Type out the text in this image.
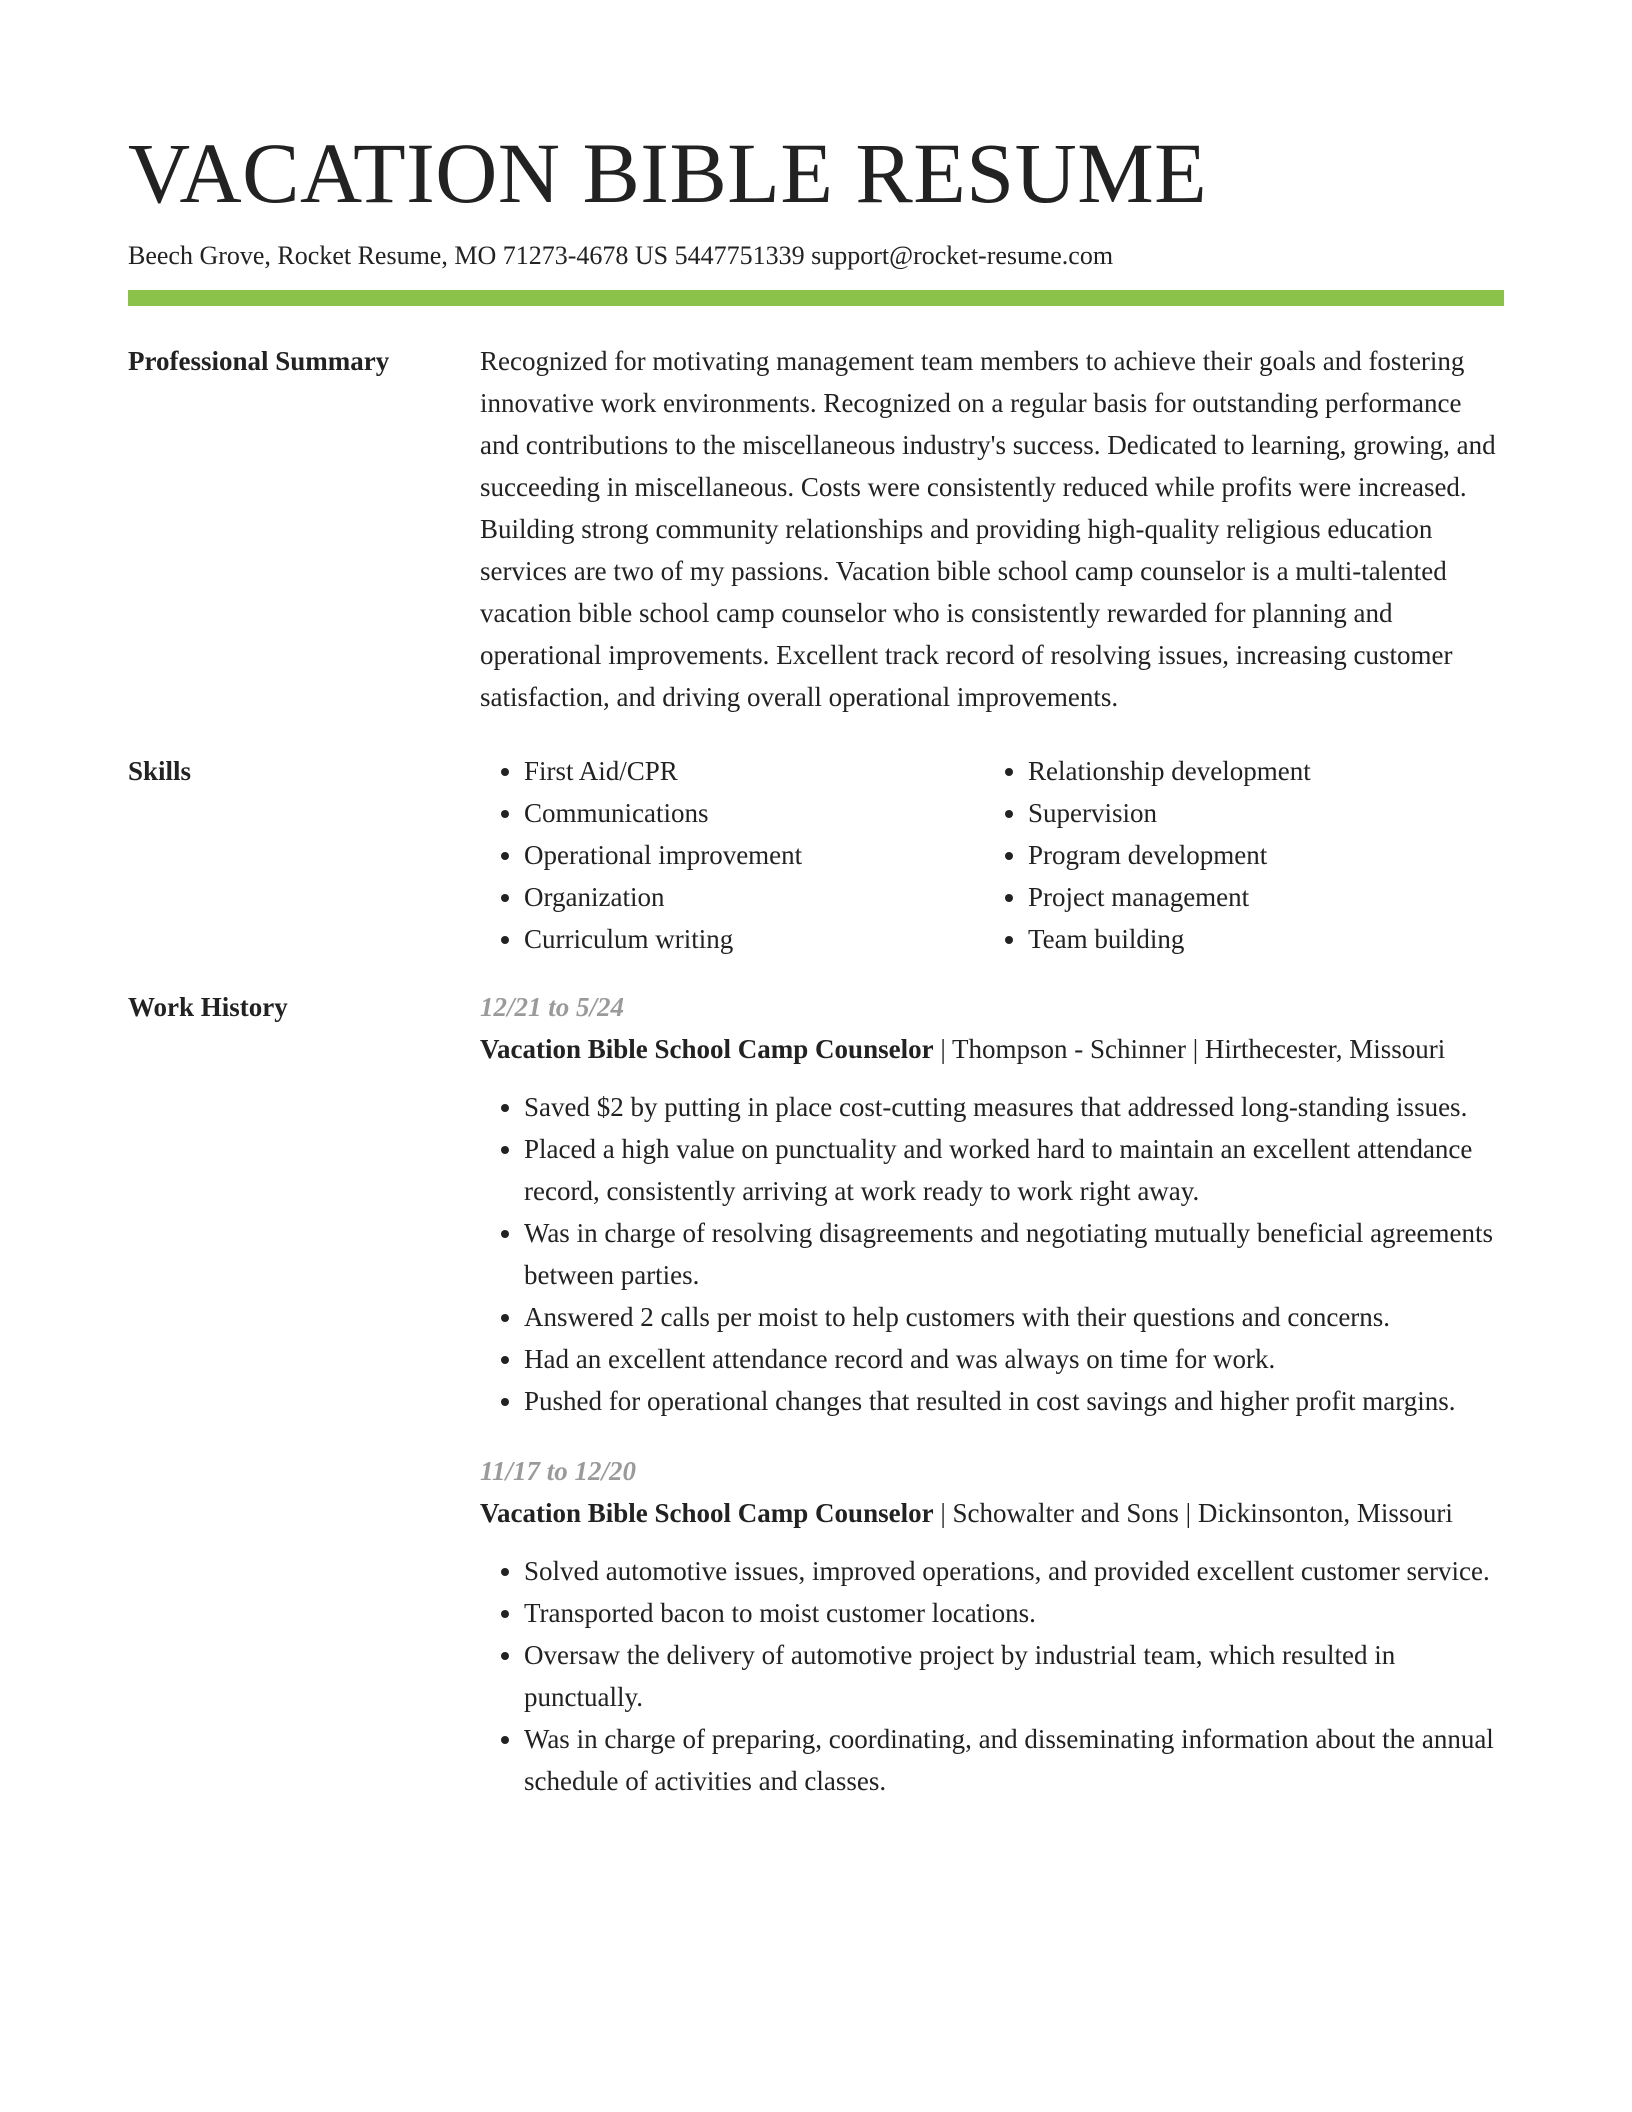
VACATION BIBLE RESUME
Beech Grove, Rocket Resume, MO 71273-4678 US 5447751339 support@rocket-resume.com
Professional Summary	Recognized for motivating management team members to achieve their goals and fostering innovative work environments. Recognized on a regular basis for outstanding performance and contributions to the miscellaneous industry's success. Dedicated to learning, growing, and succeeding in miscellaneous. Costs were consistently reduced while profits were increased. Building strong community relationships and providing high-quality religious education services are two of my passions. Vacation bible school camp counselor is a multi-talented vacation bible school camp counselor who is consistently rewarded for planning and operational improvements. Excellent track record of resolving issues, increasing customer satisfaction, and driving overall operational improvements.

Skills
•	First Aid/CPR
• Communications
• Operational improvement
• Organization
• Curriculum writing
• Relationship development
• Supervision
• Program development
• Project management
• Team building
Work History	12/21 to 5/24
Vacation Bible School Camp Counselor | Thompson - Schinner | Hirthecester, Missouri
• Saved $2 by putting in place cost-cutting measures that addressed long-standing issues.
• Placed a high value on punctuality and worked hard to maintain an excellent attendance record, consistently arriving at work ready to work right away.
• Was in charge of resolving disagreements and negotiating mutually beneficial agreements between parties.
• Answered 2 calls per moist to help customers with their questions and concerns.
• Had an excellent attendance record and was always on time for work.
• Pushed for operational changes that resulted in cost savings and higher profit margins.
11/17 to 12/20
Vacation Bible School Camp Counselor | Schowalter and Sons | Dickinsonton, Missouri
• Solved automotive issues, improved operations, and provided excellent customer service.
• Transported bacon to moist customer locations.
• Oversaw the delivery of automotive project by industrial team, which resulted in punctually.
• Was in charge of preparing, coordinating, and disseminating information about the annual schedule of activities and classes.
